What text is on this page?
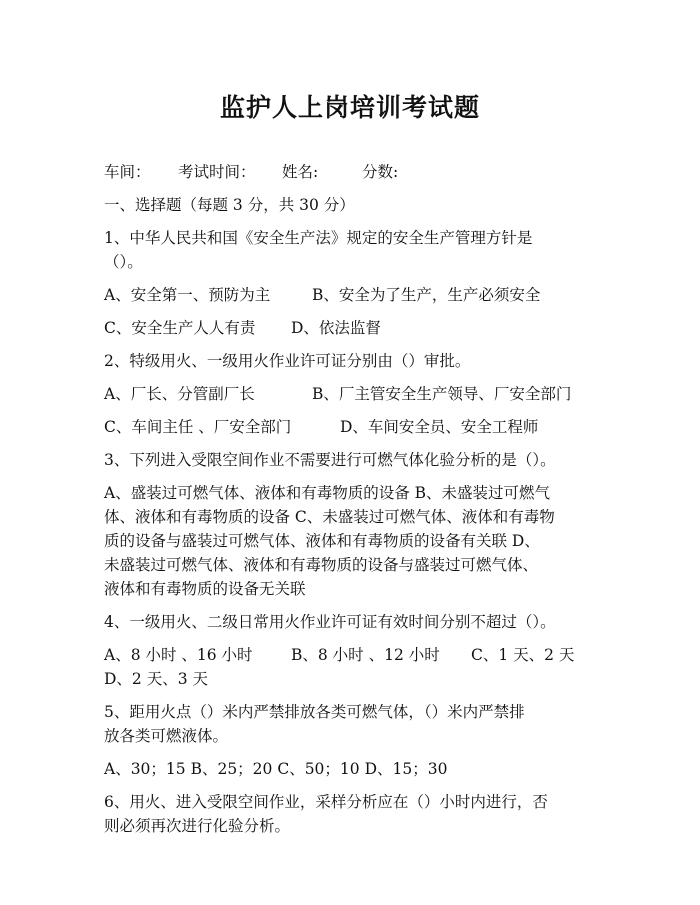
监护人上岗培训考试题
车间： 考试时间： 姓名:	分数:
一、选择题（每题 3 分，共 30 分）
1、中华人民共和国《安全生产法》规定的安全生产管理方针是
（）。
A、安全第一、预防为主	B、安全为了生产，生产必须安全
C、安全生产人人有责 D、依法监督
2、特级用火、一级用火作业许可证分别由（）审批。
A、厂长、分管副厂长	B、厂主管安全生产领导、厂安全部门
C、车间主任 、厂安全部门	D、车间安全员、安全工程师
3、下列进入受限空间作业不需要进行可燃气体化验分析的是（）。
A、盛装过可燃气体、液体和有毒物质的设备 B、未盛装过可燃气
体、液体和有毒物质的设备 C、未盛装过可燃气体、液体和有毒物
质的设备与盛装过可燃气体、液体和有毒物质的设备有关联 D、
未盛装过可燃气体、液体和有毒物质的设备与盛装过可燃气体、
液体和有毒物质的设备无关联
4、一级用火、二级日常用火作业许可证有效时间分别不超过（）。
A、8 小时 、16 小时 B、8 小时 、12 小时 C、1 天、2 天
D、2 天、3 天
5、距用火点（）米内严禁排放各类可燃气体，（）米内严禁排
放各类可燃液体。
A、30；15 B、25；20 C、50；10 D、15；30
6、用火、进入受限空间作业，采样分析应在（）小时内进行，否
则必须再次进行化验分析。
